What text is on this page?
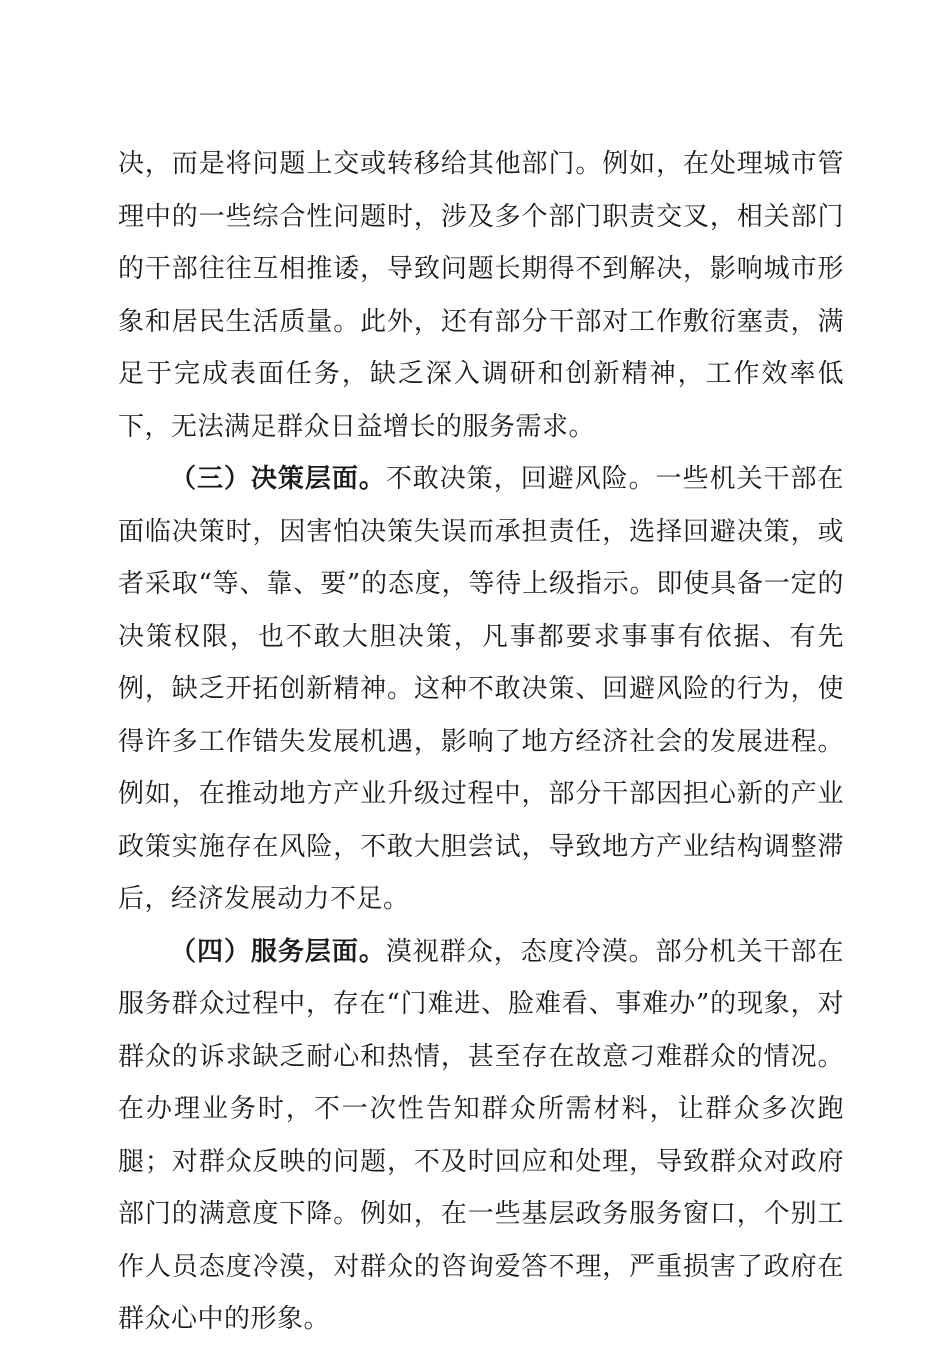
决，而是将问题上交或转移给其他部门。例如，在处理城市管理中的一些综合性问题时，涉及多个部门职责交叉，相关部门的干部往往互相推诿，导致问题长期得不到解决，影响城市形象和居民生活质量。此外，还有部分干部对工作敷衍塞责，满足于完成表面任务，缺乏深入调研和创新精神，工作效率低下，无法满足群众日益增长的服务需求。

（三）决策层面。不敢决策，回避风险。一些机关干部在面临决策时，因害怕决策失误而承担责任，选择回避决策，或者采取“等、靠、要”的态度，等待上级指示。即使具备一定的决策权限，也不敢大胆决策，凡事都要求事事有依据、有先例，缺乏开拓创新精神。这种不敢决策、回避风险的行为，使得许多工作错失发展机遇，影响了地方经济社会的发展进程。例如，在推动地方产业升级过程中，部分干部因担心新的产业政策实施存在风险，不敢大胆尝试，导致地方产业结构调整滞后，经济发展动力不足。

（四）服务层面。漠视群众，态度冷漠。部分机关干部在服务群众过程中，存在“门难进、脸难看、事难办”的现象，对群众的诉求缺乏耐心和热情，甚至存在故意刁难群众的情况。在办理业务时，不一次性告知群众所需材料，让群众多次跑腿；对群众反映的问题，不及时回应和处理，导致群众对政府部门的满意度下降。例如，在一些基层政务服务窗口，个别工作人员态度冷漠，对群众的咨询爱答不理，严重损害了政府在群众心中的形象。
